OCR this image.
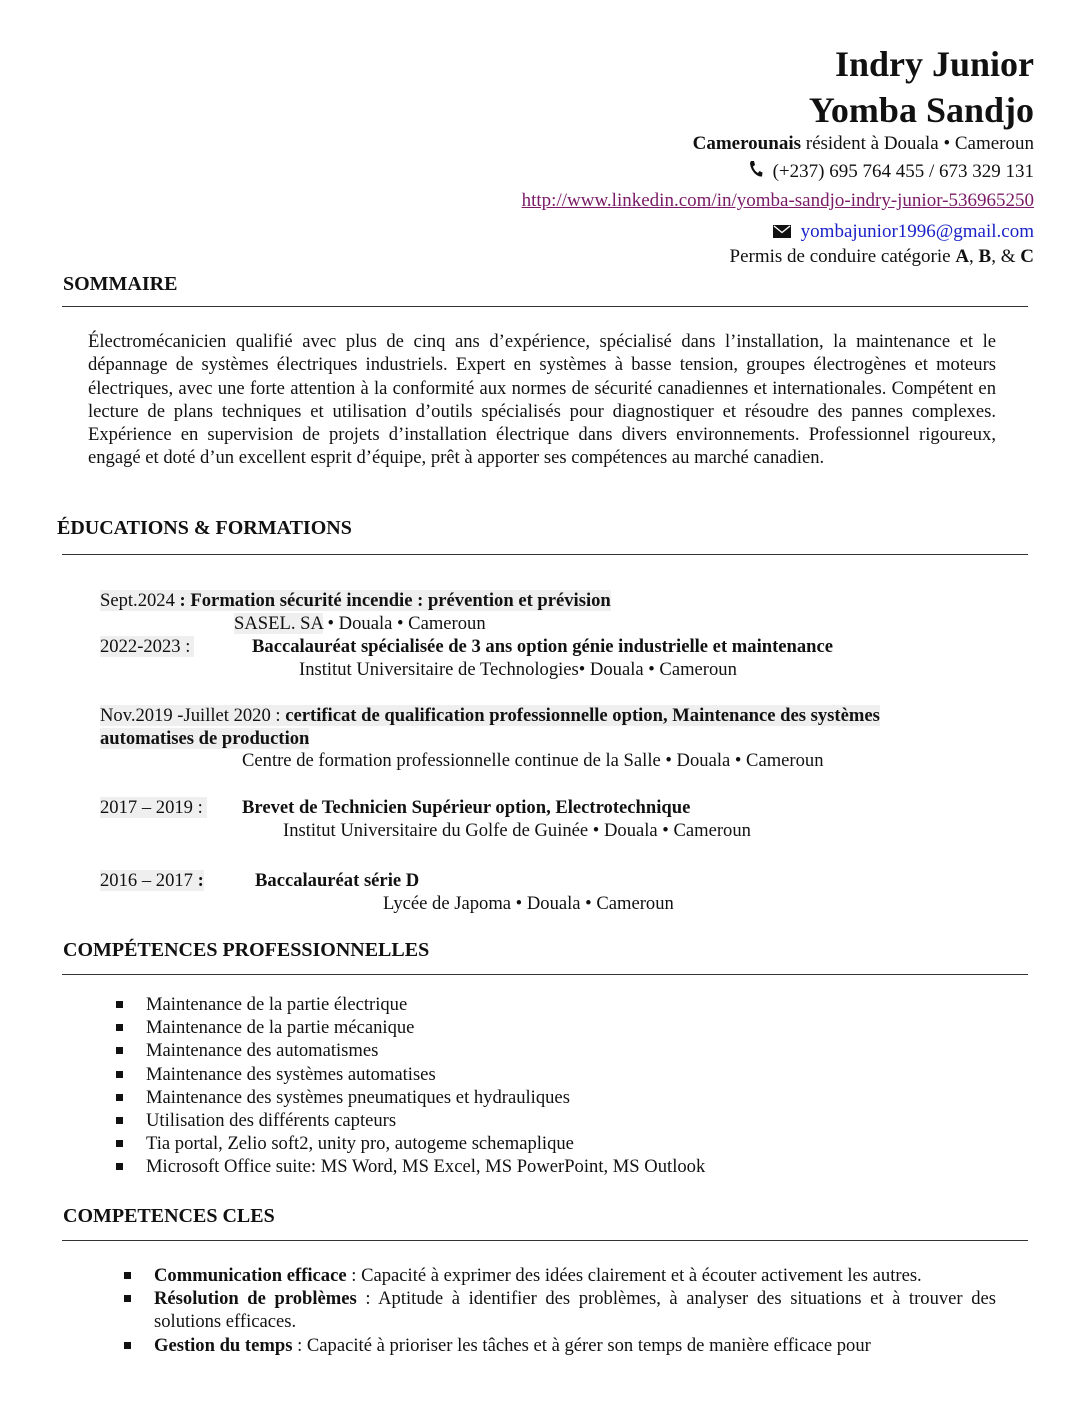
Indry Junior
Yomba Sandjo
Camerounais résident à Douala • Cameroun
(+237) 695 764 455 / 673 329 131
http://www.linkedin.com/in/yomba-sandjo-indry-junior-536965250
yombajunior1996@gmail.com
Permis de conduire catégorie A, B, & C
SOMMAIRE
Électromécanicien qualifié avec plus de cinq ans d’expérience, spécialisé dans l’installation, la maintenance et le dépannage de systèmes électriques industriels. Expert en systèmes à basse tension, groupes électrogènes et moteurs électriques, avec une forte attention à la conformité aux normes de sécurité canadiennes et internationales. Compétent en lecture de plans techniques et utilisation d’outils spécialisés pour diagnostiquer et résoudre des pannes complexes. Expérience en supervision de projets d’installation électrique dans divers environnements. Professionnel rigoureux, engagé et doté d’un excellent esprit d’équipe, prêt à apporter ses compétences au marché canadien.
ÉDUCATIONS & FORMATIONS
Sept.2024 : Formation sécurité incendie : prévention et prévision
SASEL. SA • Douala • Cameroun
2022-2023 :	Baccalauréat spécialisée de 3 ans option génie industrielle et maintenance
Institut Universitaire de Technologies• Douala • Cameroun
Nov.2019 -Juillet 2020 : certificat de qualification professionnelle option, Maintenance des systèmes
automatises de production
Centre de formation professionnelle continue de la Salle • Douala • Cameroun
2017 – 2019 : Brevet de Technicien Supérieur option, Electrotechnique
Institut Universitaire du Golfe de Guinée • Douala • Cameroun
2016 – 2017 :	Baccalauréat série D
Lycée de Japoma • Douala • Cameroun
COMPÉTENCES PROFESSIONNELLES
Maintenance de la partie électrique
Maintenance de la partie mécanique
Maintenance des automatismes
Maintenance des systèmes automatises
Maintenance des systèmes pneumatiques et hydrauliques
Utilisation des différents capteurs
Tia portal, Zelio soft2, unity pro, autogeme schemaplique
Microsoft Office suite: MS Word, MS Excel, MS PowerPoint, MS Outlook
COMPETENCES CLES
Communication efficace : Capacité à exprimer des idées clairement et à écouter activement les autres.
Résolution de problèmes : Aptitude à identifier des problèmes, à analyser des situations et à trouver des solutions efficaces.
Gestion du temps : Capacité à prioriser les tâches et à gérer son temps de manière efficace pour
